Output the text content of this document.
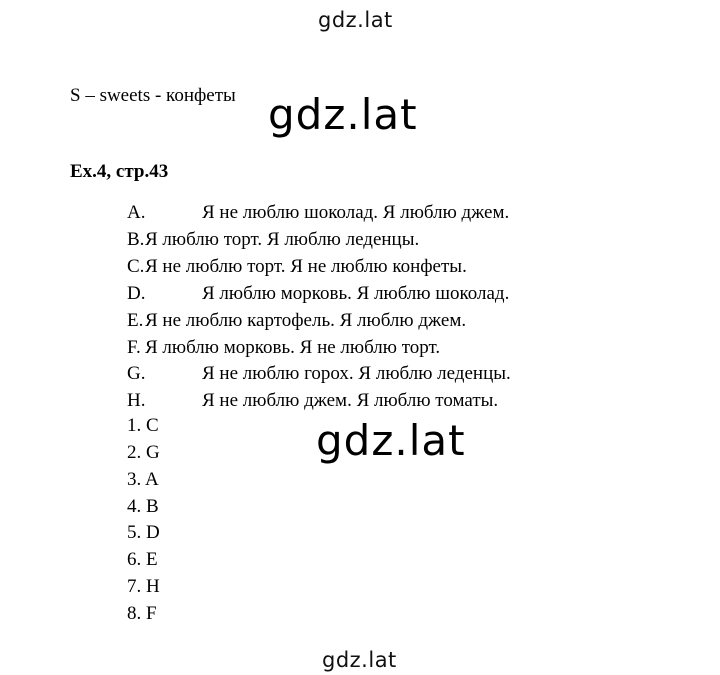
gdz.lat
S – sweets - конфеты gdz.lat
Ex.4, стр.43
A.	Я не люблю шоколад. Я люблю джем.
B. Я люблю торт. Я люблю леденцы.
C. Я не люблю торт. Я не люблю конфеты.
D.	Я люблю морковь. Я люблю шоколад.
E. Я не люблю картофель. Я люблю джем.
F. Я люблю морковь. Я не люблю торт.
G.	Я не люблю горох. Я люблю леденцы.
H.	Я не люблю джем. Я люблю томаты.
1. C
2. G
3. A
4. B
5. D
6. E
7. H
8. F
gdz.lat
gdz.lat
